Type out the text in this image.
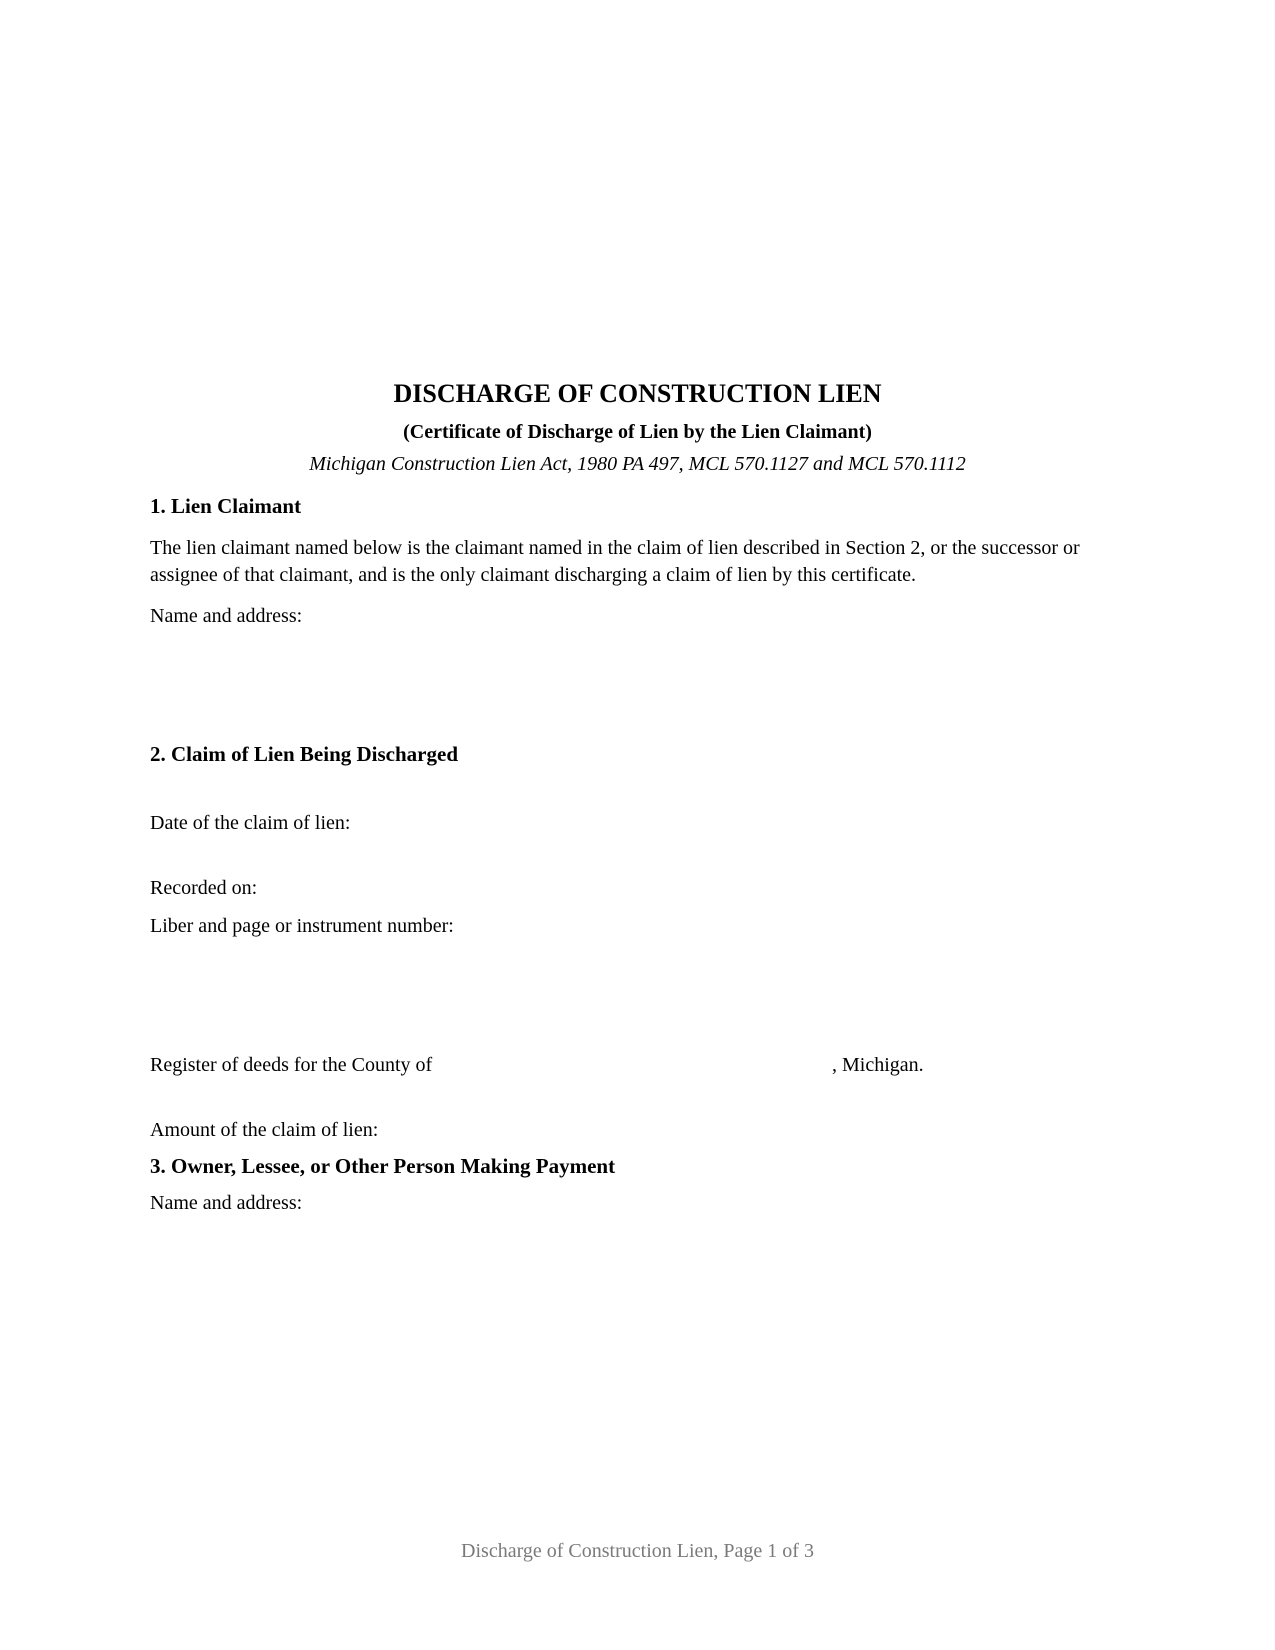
DISCHARGE OF CONSTRUCTION LIEN
(Certificate of Discharge of Lien by the Lien Claimant)
Michigan Construction Lien Act, 1980 PA 497, MCL 570.1127 and MCL 570.1112
1. Lien Claimant
The lien claimant named below is the claimant named in the claim of lien described in Section 2, or the successor or assignee of that claimant, and is the only claimant discharging a claim of lien by this certificate.
Name and address:
2. Claim of Lien Being Discharged
Date of the claim of lien:
Recorded on:
Liber and page or instrument number:
Register of deeds for the County of	, Michigan.
Amount of the claim of lien:
3. Owner, Lessee, or Other Person Making Payment
Name and address:
Discharge of Construction Lien, Page 1 of 3
